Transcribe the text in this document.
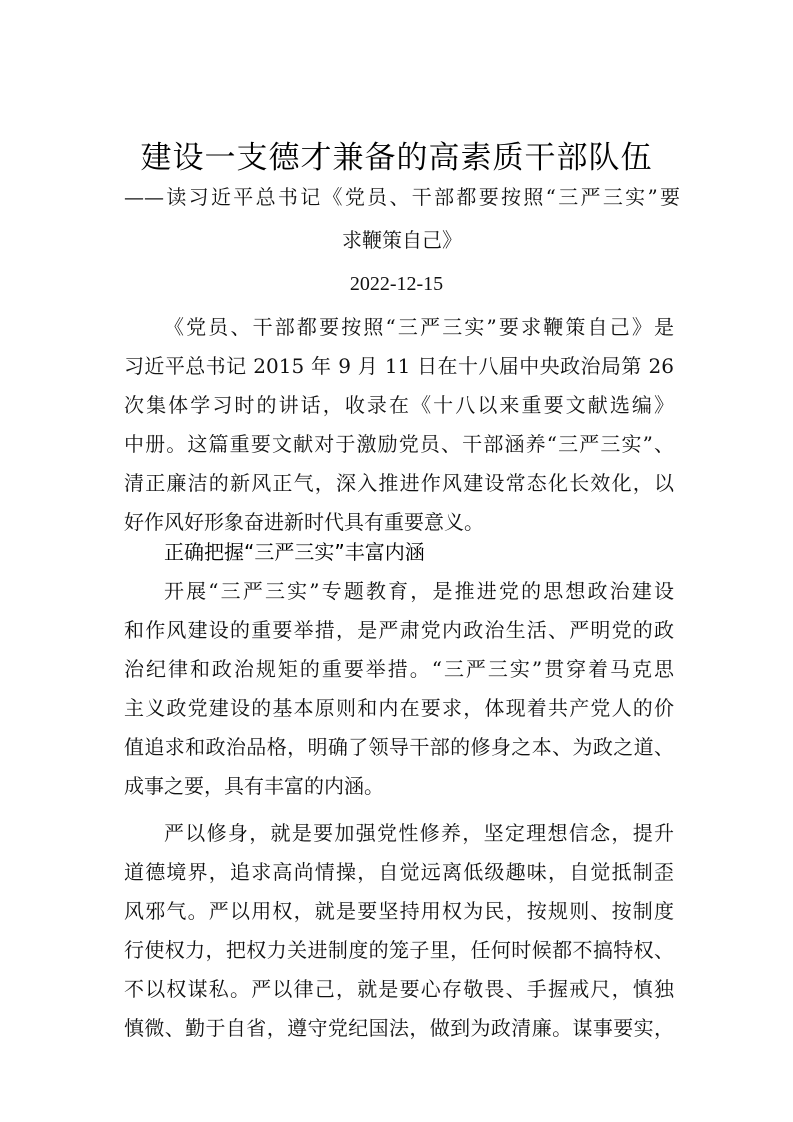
建设一支德才兼备的高素质干部队伍
——读习近平总书记《党员、干部都要按照“三严三实”要
求鞭策自己》
2022-12-15
《党员、干部都要按照“三严三实”要求鞭策自己》是
习近平总书记 2015 年 9 月 11 日在十八届中央政治局第 26
次集体学习时的讲话，收录在《十八以来重要文献选编》
中册。这篇重要文献对于激励党员、干部涵养“三严三实”、
清正廉洁的新风正气，深入推进作风建设常态化长效化，以
好作风好形象奋进新时代具有重要意义。
正确把握“三严三实”丰富内涵
开展“三严三实”专题教育，是推进党的思想政治建设
和作风建设的重要举措，是严肃党内政治生活、严明党的政
治纪律和政治规矩的重要举措。“三严三实”贯穿着马克思
主义政党建设的基本原则和内在要求，体现着共产党人的价
值追求和政治品格，明确了领导干部的修身之本、为政之道、
成事之要，具有丰富的内涵。
严以修身，就是要加强党性修养，坚定理想信念，提升
道德境界，追求高尚情操，自觉远离低级趣味，自觉抵制歪
风邪气。严以用权，就是要坚持用权为民，按规则、按制度
行使权力，把权力关进制度的笼子里，任何时候都不搞特权、
不以权谋私。严以律己，就是要心存敬畏、手握戒尺，慎独
慎微、勤于自省，遵守党纪国法，做到为政清廉。谋事要实，
